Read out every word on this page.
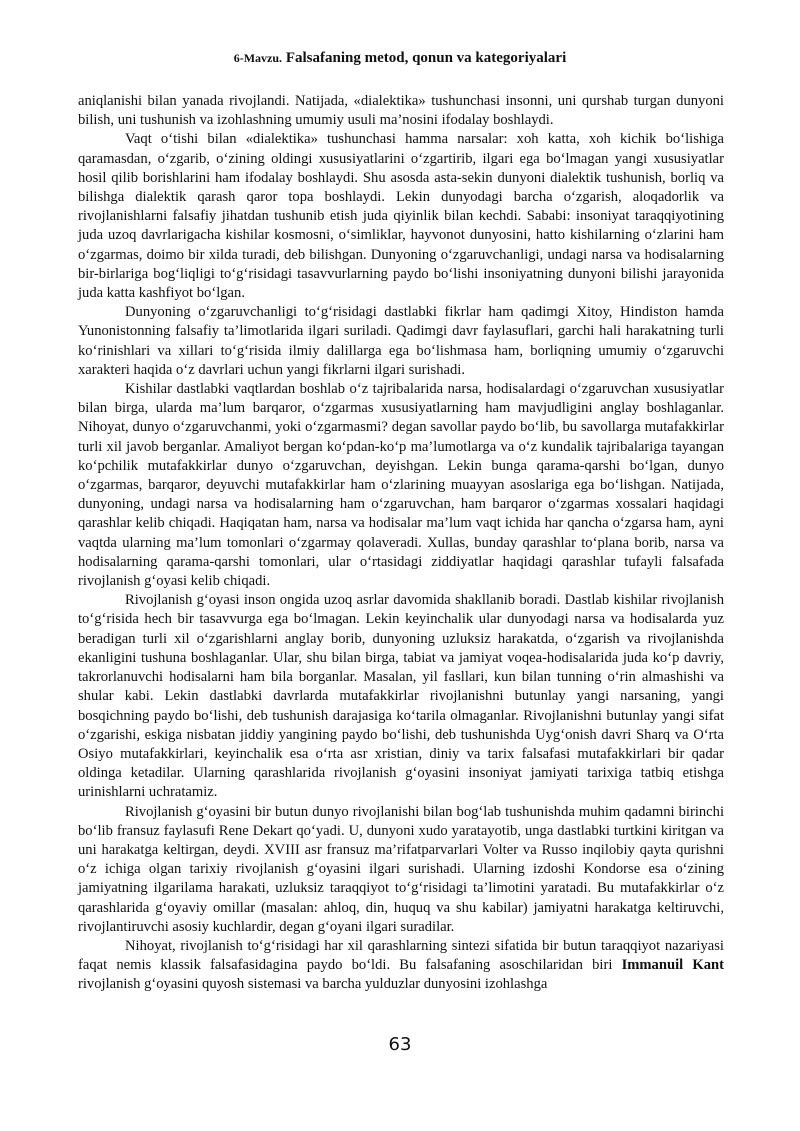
6-Mavzu. Falsafaning metod, qonun va kategoriyalari

aniqlanishi bilan yanada rivojlandi. Natijada, «dialektika» tushunchasi insonni, uni qurshab turgan dunyoni bilish, uni tushunish va izohlashning umumiy usuli ma’nosini ifodalay boshlaydi.

Vaqt o‘tishi bilan «dialektika» tushunchasi hamma narsalar: xoh katta, xoh kichik bo‘lishiga qaramasdan, o‘zgarib, o‘zining oldingi xususiyatlarini o‘zgartirib, ilgari ega bo‘lmagan yangi xususiyatlar hosil qilib borishlarini ham ifodalay boshlaydi. Shu asosda asta-sekin dunyoni dialektik tushunish, borliq va bilishga dialektik qarash qaror topa boshlaydi. Lekin dunyodagi barcha o‘zgarish, aloqadorlik va rivojlanishlarni falsafiy jihatdan tushunib etish juda qiyinlik bilan kechdi. Sababi: insoniyat taraqqiyotining juda uzoq davrlarigacha kishilar kosmosni, o‘simliklar, hayvonot dunyosini, hatto kishilarning o‘zlarini ham o‘zgarmas, doimo bir xilda turadi, deb bilishgan. Dunyoning o‘zgaruvchanligi, undagi narsa va hodisalarning bir-birlariga bog‘liqligi to‘g‘risidagi tasavvurlarning paydo bo‘lishi insoniyatning dunyoni bilishi jarayonida juda katta kashfiyot bo‘lgan.

Dunyoning o‘zgaruvchanligi to‘g‘risidagi dastlabki fikrlar ham qadimgi Xitoy, Hindiston hamda Yunonistonning falsafiy ta’limotlarida ilgari suriladi. Qadimgi davr faylasuflari, garchi hali harakatning turli ko‘rinishlari va xillari to‘g‘risida ilmiy dalillarga ega bo‘lishmasa ham, borliqning umumiy o‘zgaruvchi xarakteri haqida o‘z davrlari uchun yangi fikrlarni ilgari surishadi.

Kishilar dastlabki vaqtlardan boshlab o‘z tajribalarida narsa, hodisalardagi o‘zgaruvchan xususiyatlar bilan birga, ularda ma’lum barqaror, o‘zgarmas xususiyatlarning ham mavjudligini anglay boshlaganlar. Nihoyat, dunyo o‘zgaruvchanmi, yoki o‘zgarmasmi? degan savollar paydo bo‘lib, bu savollarga mutafakkirlar turli xil javob berganlar. Amaliyot bergan ko‘pdan-ko‘p ma’lumotlarga va o‘z kundalik tajribalariga tayangan ko‘pchilik mutafakkirlar dunyo o‘zgaruvchan, deyishgan. Lekin bunga qarama-qarshi bo‘lgan, dunyo o‘zgarmas, barqaror, deyuvchi mutafakkirlar ham o‘zlarining muayyan asoslariga ega bo‘lishgan. Natijada, dunyoning, undagi narsa va hodisalarning ham o‘zgaruvchan, ham barqaror o‘zgarmas xossalari haqidagi qarashlar kelib chiqadi. Haqiqatan ham, narsa va hodisalar ma’lum vaqt ichida har qancha o‘zgarsa ham, ayni vaqtda ularning ma’lum tomonlari o‘zgarmay qolaveradi. Xullas, bunday qarashlar to‘plana borib, narsa va hodisalarning qarama-qarshi tomonlari, ular o‘rtasidagi ziddiyatlar haqidagi qarashlar tufayli falsafada rivojlanish g‘oyasi kelib chiqadi.

Rivojlanish g‘oyasi inson ongida uzoq asrlar davomida shakllanib boradi. Dastlab kishilar rivojlanish to‘g‘risida hech bir tasavvurga ega bo‘lmagan. Lekin keyinchalik ular dunyodagi narsa va hodisalarda yuz beradigan turli xil o‘zgarishlarni anglay borib, dunyoning uzluksiz harakatda, o‘zgarish va rivojlanishda ekanligini tushuna boshlaganlar. Ular, shu bilan birga, tabiat va jamiyat voqea-hodisalarida juda ko‘p davriy, takrorlanuvchi hodisalarni ham bila borganlar. Masalan, yil fasllari, kun bilan tunning o‘rin almashishi va shular kabi. Lekin dastlabki davrlarda mutafakkirlar rivojlanishni butunlay yangi narsaning, yangi bosqichning paydo bo‘lishi, deb tushunish darajasiga ko‘tarila olmaganlar. Rivojlanishni butunlay yangi sifat o‘zgarishi, eskiga nisbatan jiddiy yangining paydo bo‘lishi, deb tushunishda Uyg‘onish davri Sharq va O‘rta Osiyo mutafakkirlari, keyinchalik esa o‘rta asr xristian, diniy va tarix falsafasi mutafakkirlari bir qadar oldinga ketadilar. Ularning qarashlarida rivojlanish g‘oyasini insoniyat jamiyati tarixiga tatbiq etishga urinishlarni uchratamiz.

Rivojlanish g‘oyasini bir butun dunyo rivojlanishi bilan bog‘lab tushunishda muhim qadamni birinchi bo‘lib fransuz faylasufi Rene Dekart qo‘yadi. U, dunyoni xudo yaratayotib, unga dastlabki turtkini kiritgan va uni harakatga keltirgan, deydi. XVIII asr fransuz ma’rifatparvarlari Volter va Russo inqilobiy qayta qurishni o‘z ichiga olgan tarixiy rivojlanish g‘oyasini ilgari surishadi. Ularning izdoshi Kondorse esa o‘zining jamiyatning ilgarilama harakati, uzluksiz taraqqiyot to‘g‘risidagi ta’limotini yaratadi. Bu mutafakkirlar o‘z qarashlarida g‘oyaviy omillar (masalan: ahloq, din, huquq va shu kabilar) jamiyatni harakatga keltiruvchi, rivojlantiruvchi asosiy kuchlardir, degan g‘oyani ilgari suradilar.

Nihoyat, rivojlanish to‘g‘risidagi har xil qarashlarning sintezi sifatida bir butun taraqqiyot nazariyasi faqat nemis klassik falsafasidagina paydo bo‘ldi. Bu falsafaning asoschilaridan biri Immanuil Kant rivojlanish g‘oyasini quyosh sistemasi va barcha yulduzlar dunyosini izohlashga

63
